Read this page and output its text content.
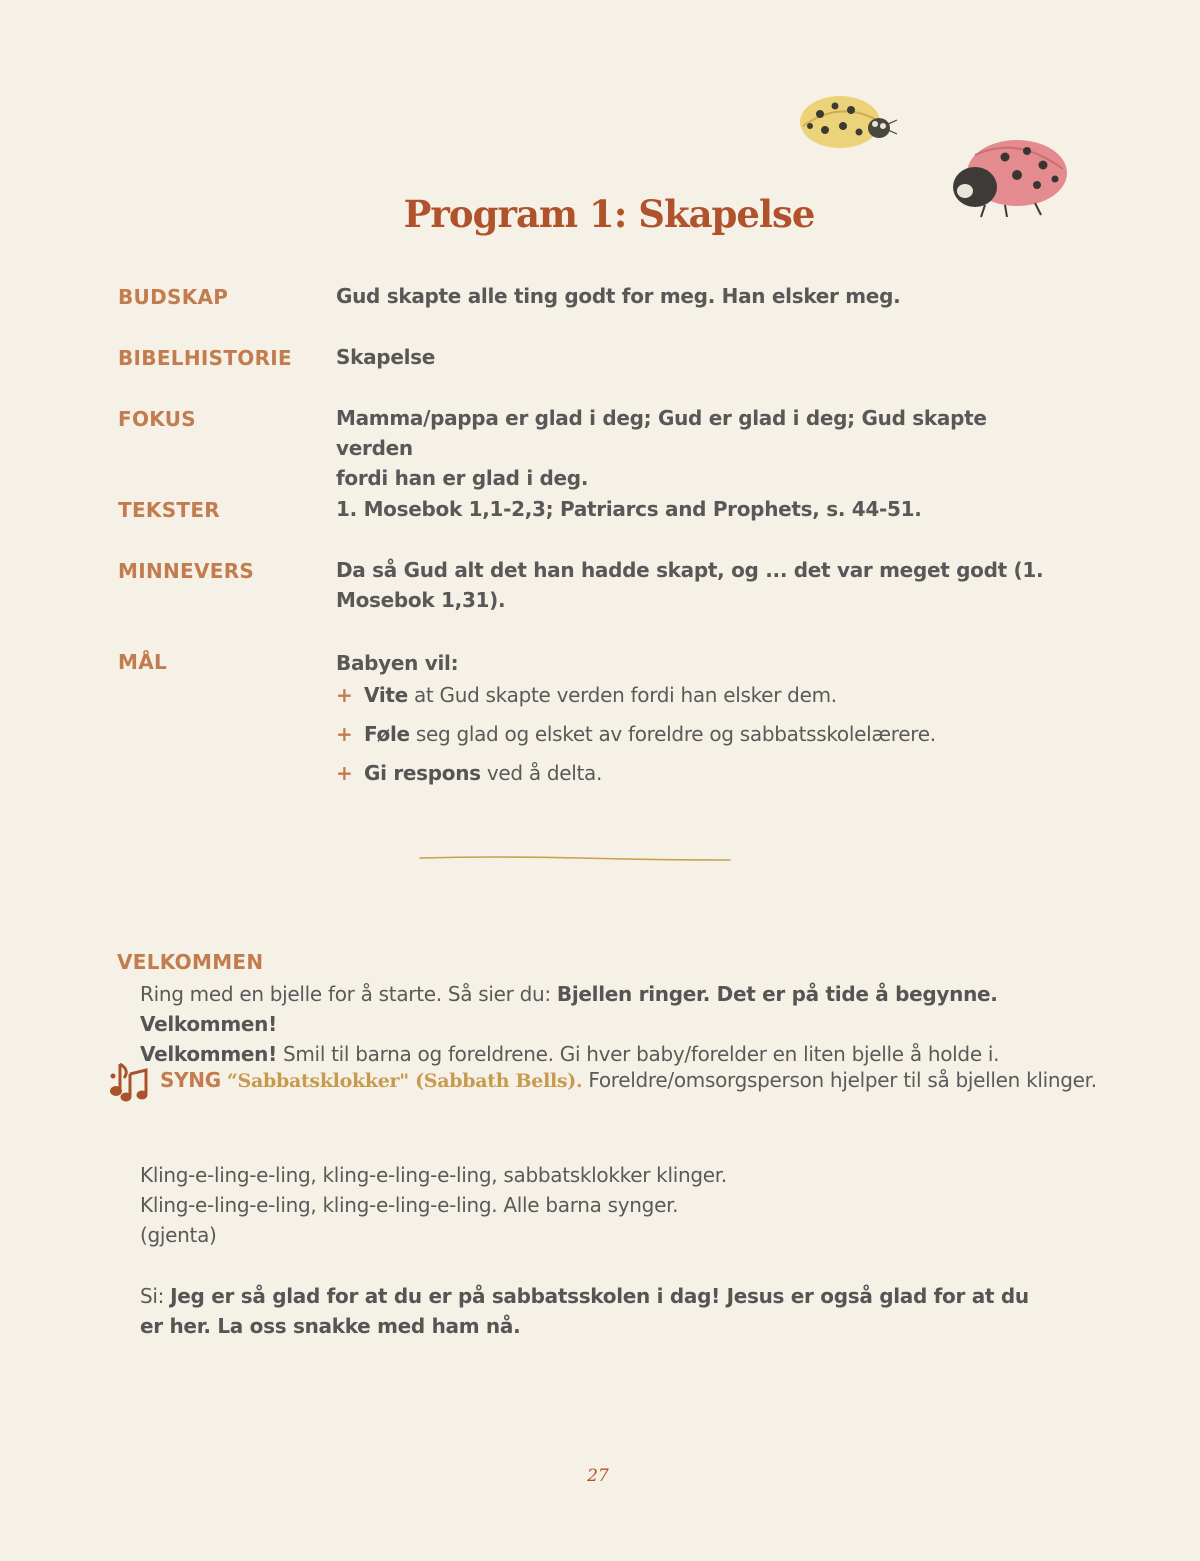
Program 1: Skapelse
BUDSKAP	Gud skapte alle ting godt for meg. Han elsker meg.
BIBELHISTORIE Skapelse
FOKUS	Mamma/pappa er glad i deg; Gud er glad i deg; Gud skapte verden
fordi han er glad i deg.
TEKSTER	1. Mosebok 1,1-2,3; Patriarcs and Prophets, s. 44-51.
MINNEVERS	Da så Gud alt det han hadde skapt, og ... det var meget godt (1.
Mosebok 1,31).
MÅL	Babyen vil:
+ Vite at Gud skapte verden fordi han elsker dem.
+ Føle seg glad og elsket av foreldre og sabbatsskolelærere.
+ Gi respons ved å delta.
VELKOMMEN
Ring med en bjelle for å starte. Så sier du: Bjellen ringer. Det er på tide å begynne. Velkommen!
Velkommen! Smil til barna og foreldrene. Gi hver baby/forelder en liten bjelle å holde i.
SYNG “Sabbatsklokker" (Sabbath Bells). Foreldre/omsorgsperson hjelper til så bjellen klinger.
Kling-e-ling-e-ling, kling-e-ling-e-ling, sabbatsklokker klinger.
Kling-e-ling-e-ling, kling-e-ling-e-ling. Alle barna synger.
(gjenta)
Si: Jeg er så glad for at du er på sabbatsskolen i dag! Jesus er også glad for at du
er her. La oss snakke med ham nå.
27
